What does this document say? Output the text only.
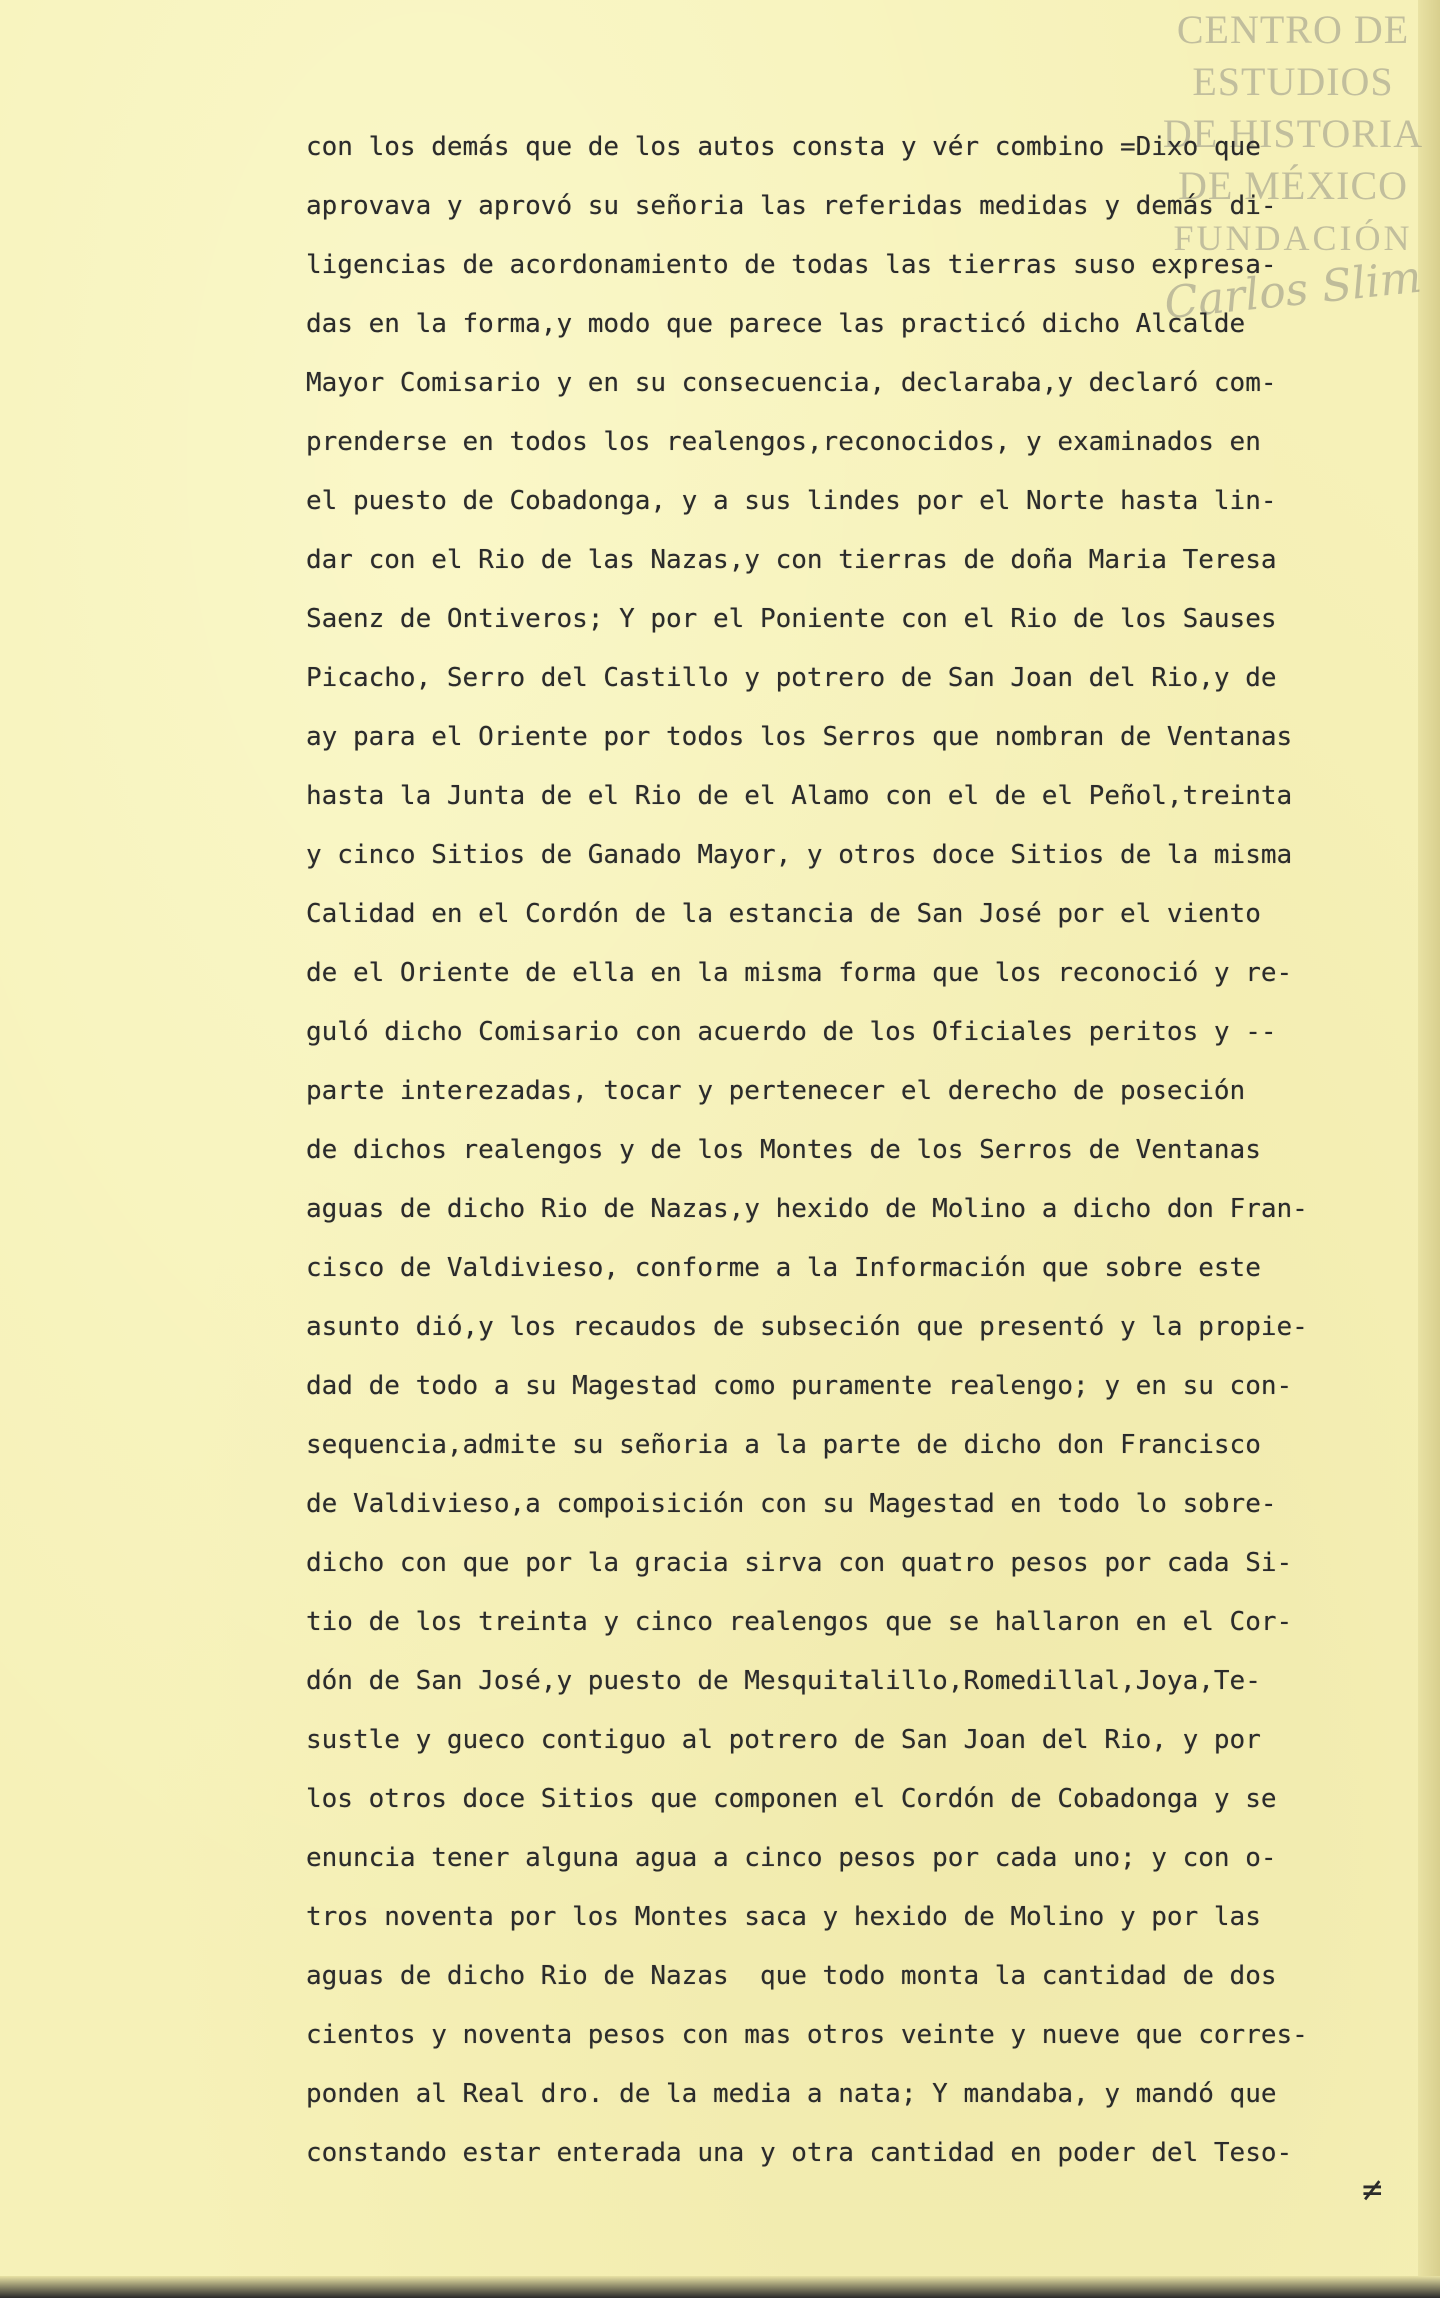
CENTRO DE
ESTUDIOS
DE HISTORIA
DE MÉXICO
FUNDACIÓN
Carlos Slim
con los demás que de los autos consta y vér combino =Dixo que
aprovava y aprovó su señoria las referidas medidas y demás di-
ligencias de acordonamiento de todas las tierras suso expresa-
das en la forma,y modo que parece las practicó dicho Alcalde
Mayor Comisario y en su consecuencia, declaraba,y declaró com-
prenderse en todos los realengos,reconocidos, y examinados en
el puesto de Cobadonga, y a sus lindes por el Norte hasta lin-
dar con el Rio de las Nazas,y con tierras de doña Maria Teresa
Saenz de Ontiveros; Y por el Poniente con el Rio de los Sauses
Picacho, Serro del Castillo y potrero de San Joan del Rio,y de
ay para el Oriente por todos los Serros que nombran de Ventanas
hasta la Junta de el Rio de el Alamo con el de el Peñol,treinta
y cinco Sitios de Ganado Mayor, y otros doce Sitios de la misma
Calidad en el Cordón de la estancia de San José por el viento
de el Oriente de ella en la misma forma que los reconoció y re-
guló dicho Comisario con acuerdo de los Oficiales peritos y --
parte interezadas, tocar y pertenecer el derecho de poseción
de dichos realengos y de los Montes de los Serros de Ventanas
aguas de dicho Rio de Nazas,y hexido de Molino a dicho don Fran-
cisco de Valdivieso, conforme a la Información que sobre este
asunto dió,y los recaudos de subseción que presentó y la propie-
dad de todo a su Magestad como puramente realengo; y en su con-
sequencia,admite su señoria a la parte de dicho don Francisco
de Valdivieso,a compoisición con su Magestad en todo lo sobre-
dicho con que por la gracia sirva con quatro pesos por cada Si-
tio de los treinta y cinco realengos que se hallaron en el Cor-
dón de San José,y puesto de Mesquitalillo,Romedillal,Joya,Te-
sustle y gueco contiguo al potrero de San Joan del Rio, y por
los otros doce Sitios que componen el Cordón de Cobadonga y se
enuncia tener alguna agua a cinco pesos por cada uno; y con o-
tros noventa por los Montes saca y hexido de Molino y por las
aguas de dicho Rio de Nazas  que todo monta la cantidad de dos
cientos y noventa pesos con mas otros veinte y nueve que corres-
ponden al Real dro. de la media a nata; Y mandaba, y mandó que
constando estar enterada una y otra cantidad en poder del Teso-
≠
